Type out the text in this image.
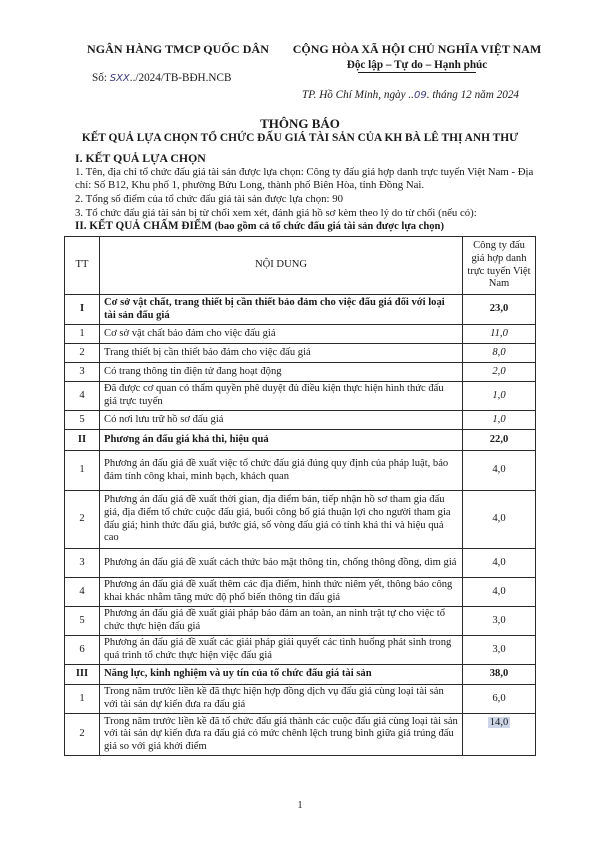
NGÂN HÀNG TMCP QUỐC DÂN
Số: SXX../2024/TB-BĐH.NCB
CỘNG HÒA XÃ HỘI CHỦ NGHĨA VIỆT NAM
Độc lập – Tự do – Hạnh phúc
TP. Hồ Chí Minh, ngày ..09. tháng 12 năm 2024
THÔNG BÁO
KẾT QUẢ LỰA CHỌN TỔ CHỨC ĐẤU GIÁ TÀI SẢN CỦA KH BÀ LÊ THỊ ANH THƯ
I. KẾT QUẢ LỰA CHỌN
1. Tên, địa chỉ tổ chức đấu giá tài sản được lựa chọn: Công ty đấu giá hợp danh trực tuyến Việt Nam - Địa chỉ: Số B12, Khu phố 1, phường Bửu Long, thành phố Biên Hòa, tỉnh Đồng Nai.
2. Tổng số điểm của tổ chức đấu giá tài sản được lựa chọn: 90
3. Tổ chức đấu giá tài sản bị từ chối xem xét, đánh giá hồ sơ kèm theo lý do từ chối (nếu có):
II. KẾT QUẢ CHẤM ĐIỂM (bao gồm cả tổ chức đấu giá tài sản được lựa chọn)
TT	NỘI DUNG	Công ty đấu giá hợp danh trực tuyến Việt Nam
I	Cơ sở vật chất, trang thiết bị cần thiết bảo đảm cho việc đấu giá đối với loại tài sản đấu giá	23,0
1	Cơ sở vật chất bảo đảm cho việc đấu giá	11,0
2	Trang thiết bị cần thiết bảo đảm cho việc đấu giá	8,0
3	Có trang thông tin điện tử đang hoạt động	2,0
4	Đã được cơ quan có thẩm quyền phê duyệt đủ điều kiện thực hiện hình thức đấu giá trực tuyến	1,0
5	Có nơi lưu trữ hồ sơ đấu giá	1,0
II	Phương án đấu giá khả thi, hiệu quả	22,0
1	Phương án đấu giá đề xuất việc tổ chức đấu giá đúng quy định của pháp luật, bảo đảm tính công khai, minh bạch, khách quan	4,0
2	Phương án đấu giá đề xuất thời gian, địa điểm bán, tiếp nhận hồ sơ tham gia đấu giá, địa điểm tổ chức cuộc đấu giá, buổi công bố giá thuận lợi cho người tham gia đấu giá; hình thức đấu giá, bước giá, số vòng đấu giá có tính khả thi và hiệu quả cao	4,0
3	Phương án đấu giá đề xuất cách thức bảo mật thông tin, chống thông đồng, dìm giá	4,0
4	Phương án đấu giá đề xuất thêm các địa điểm, hình thức niêm yết, thông báo công khai khác nhằm tăng mức độ phổ biến thông tin đấu giá	4,0
5	Phương án đấu giá đề xuất giải pháp bảo đảm an toàn, an ninh trật tự cho việc tổ chức thực hiện đấu giá	3,0
6	Phương án đấu giá đề xuất các giải pháp giải quyết các tình huống phát sinh trong quá trình tổ chức thực hiện việc đấu giá	3,0
III	Năng lực, kinh nghiệm và uy tín của tổ chức đấu giá tài sản	38,0
1	Trong năm trước liền kề đã thực hiện hợp đồng dịch vụ đấu giá cùng loại tài sản với tài sản dự kiến đưa ra đấu giá	6,0
2	Trong năm trước liền kề đã tổ chức đấu giá thành các cuộc đấu giá cùng loại tài sản với tài sản dự kiến đưa ra đấu giá có mức chênh lệch trung bình giữa giá trúng đấu giá so với giá khởi điểm	14,0
1
